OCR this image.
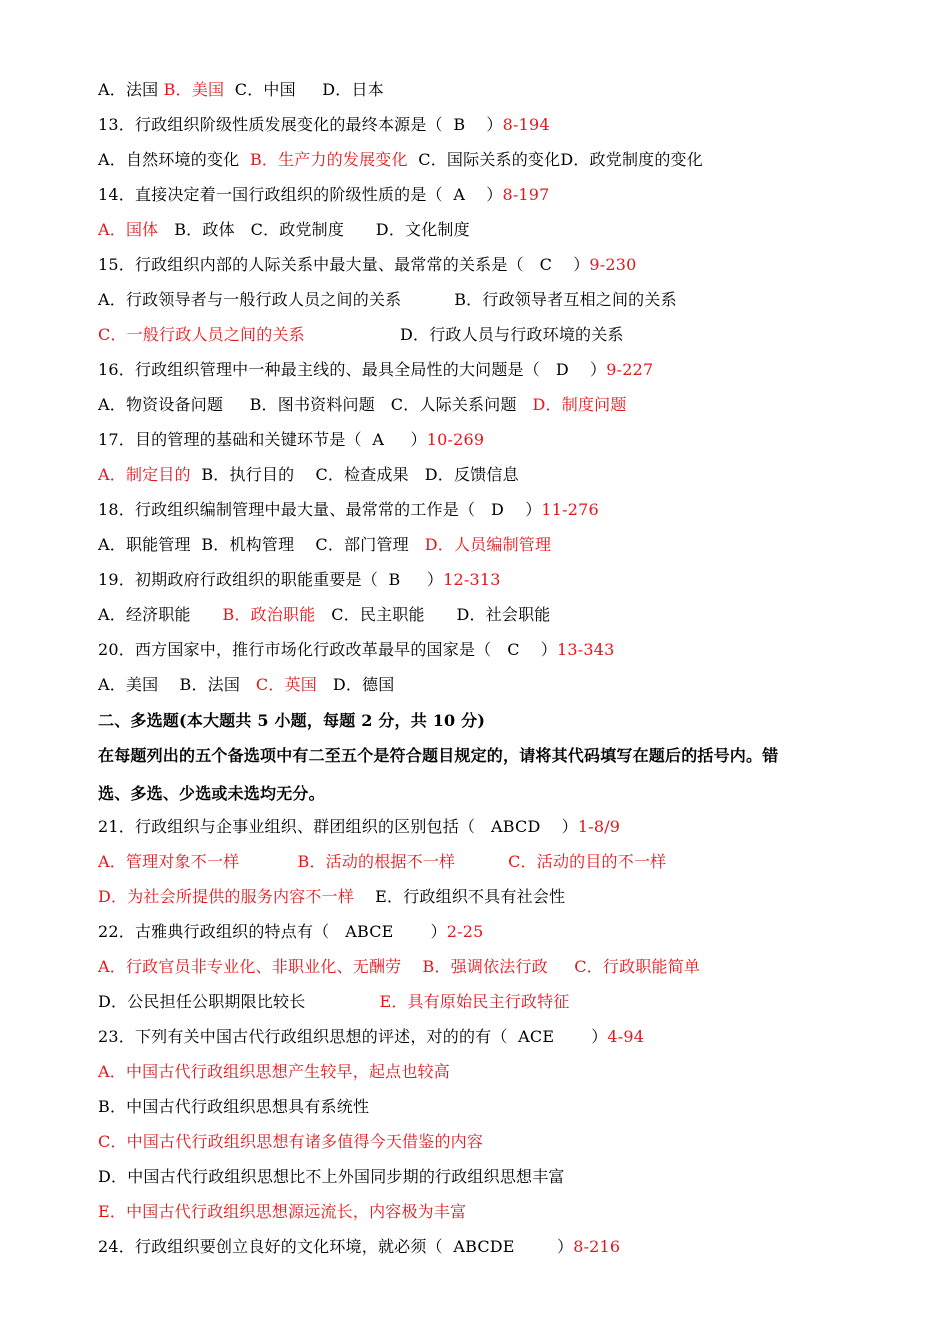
A．法国 B．美国  C．中国     D．日本
13．行政组织阶级性质发展变化的最终本源是（  B    ）8-194
A．自然环境的变化  B．生产力的发展变化  C．国际关系的变化D．政党制度的变化
14．直接决定着一国行政组织的阶级性质的是（  A    ）8-197
A．国体   B．政体   C．政党制度      D．文化制度
15．行政组织内部的人际关系中最大量、最常常的关系是（   C    ）9-230
A．行政领导者与一般行政人员之间的关系          B．行政领导者互相之间的关系
C．一般行政人员之间的关系                  D．行政人员与行政环境的关系
16．行政组织管理中一种最主线的、最具全局性的大问题是（   D    ）9-227
A．物资设备问题     B．图书资料问题   C．人际关系问题   D．制度问题
17．目的管理的基础和关键环节是（  A     ）10-269
A．制定目的  B．执行目的    C．检查成果   D．反馈信息
18．行政组织编制管理中最大量、最常常的工作是（   D    ）11-276
A．职能管理  B．机构管理    C．部门管理   D．人员编制管理
19．初期政府行政组织的职能重要是（  B     ）12-313
A．经济职能      B．政治职能   C．民主职能      D．社会职能
20．西方国家中，推行市场化行政改革最早的国家是（   C    ）13-343
A．美国    B．法国   C．英国   D．德国
二、多选题(本大题共 5 小题，每题 2 分，共 10 分)
在每题列出的五个备选项中有二至五个是符合题目规定的，请将其代码填写在题后的括号内。错
选、多选、少选或未选均无分。
21．行政组织与企事业组织、群团组织的区别包括（   ABCD    ）1-8/9
A．管理对象不一样           B．活动的根据不一样          C．活动的目的不一样
D．为社会所提供的服务内容不一样    E．行政组织不具有社会性
22．古雅典行政组织的特点有（   ABCE       ）2-25
A．行政官员非专业化、非职业化、无酬劳    B．强调依法行政     C．行政职能简单
D．公民担任公职期限比较长              E．具有原始民主行政特征
23．下列有关中国古代行政组织思想的评述，对的的有（  ACE       ）4-94
A．中国古代行政组织思想产生较早，起点也较高
B．中国古代行政组织思想具有系统性
C．中国古代行政组织思想有诸多值得今天借鉴的内容
D．中国古代行政组织思想比不上外国同步期的行政组织思想丰富
E．中国古代行政组织思想源远流长，内容极为丰富
24．行政组织要创立良好的文化环境，就必须（  ABCDE        ）8-216
